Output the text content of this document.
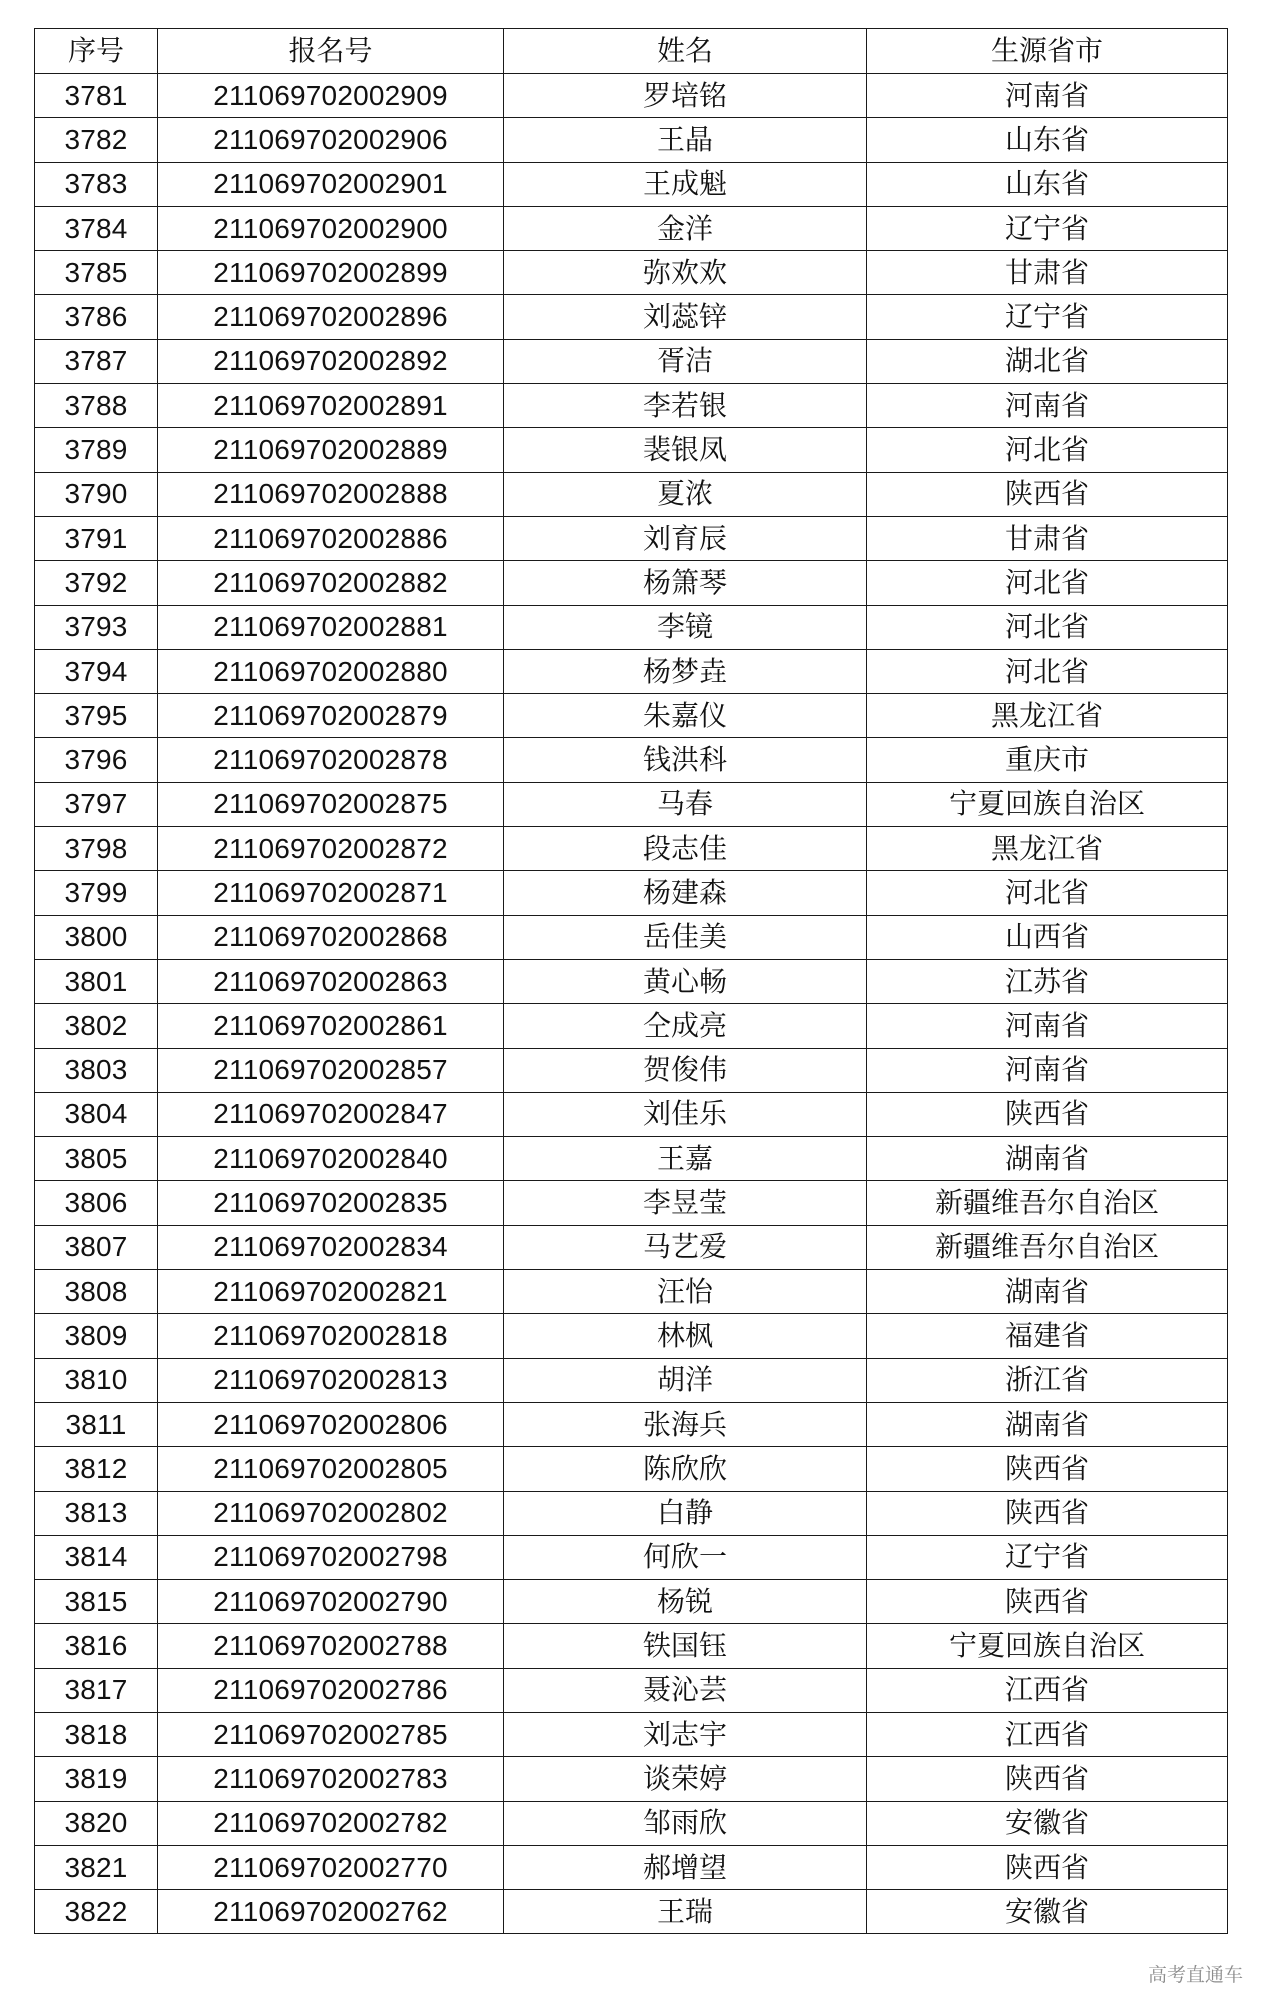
序号	报名号	姓名	生源省市
3781	211069702002909	罗培铭	河南省
3782	211069702002906	王晶	山东省
3783	211069702002901	王成魁	山东省
3784	211069702002900	金洋	辽宁省
3785	211069702002899	弥欢欢	甘肃省
3786	211069702002896	刘蕊锌	辽宁省
3787	211069702002892	胥洁	湖北省
3788	211069702002891	李若银	河南省
3789	211069702002889	裴银凤	河北省
3790	211069702002888	夏浓	陕西省
3791	211069702002886	刘育辰	甘肃省
3792	211069702002882	杨箫琴	河北省
3793	211069702002881	李镜	河北省
3794	211069702002880	杨梦垚	河北省
3795	211069702002879	朱嘉仪	黑龙江省
3796	211069702002878	钱洪科	重庆市
3797	211069702002875	马春	宁夏回族自治区
3798	211069702002872	段志佳	黑龙江省
3799	211069702002871	杨建森	河北省
3800	211069702002868	岳佳美	山西省
3801	211069702002863	黄心畅	江苏省
3802	211069702002861	仝成亮	河南省
3803	211069702002857	贺俊伟	河南省
3804	211069702002847	刘佳乐	陕西省
3805	211069702002840	王嘉	湖南省
3806	211069702002835	李昱莹	新疆维吾尔自治区
3807	211069702002834	马艺爱	新疆维吾尔自治区
3808	211069702002821	汪怡	湖南省
3809	211069702002818	林枫	福建省
3810	211069702002813	胡洋	浙江省
3811	211069702002806	张海兵	湖南省
3812	211069702002805	陈欣欣	陕西省
3813	211069702002802	白静	陕西省
3814	211069702002798	何欣一	辽宁省
3815	211069702002790	杨锐	陕西省
3816	211069702002788	铁国钰	宁夏回族自治区
3817	211069702002786	聂沁芸	江西省
3818	211069702002785	刘志宇	江西省
3819	211069702002783	谈荣婷	陕西省
3820	211069702002782	邹雨欣	安徽省
3821	211069702002770	郝增望	陕西省
3822	211069702002762	王瑞	安徽省
高考直通车
